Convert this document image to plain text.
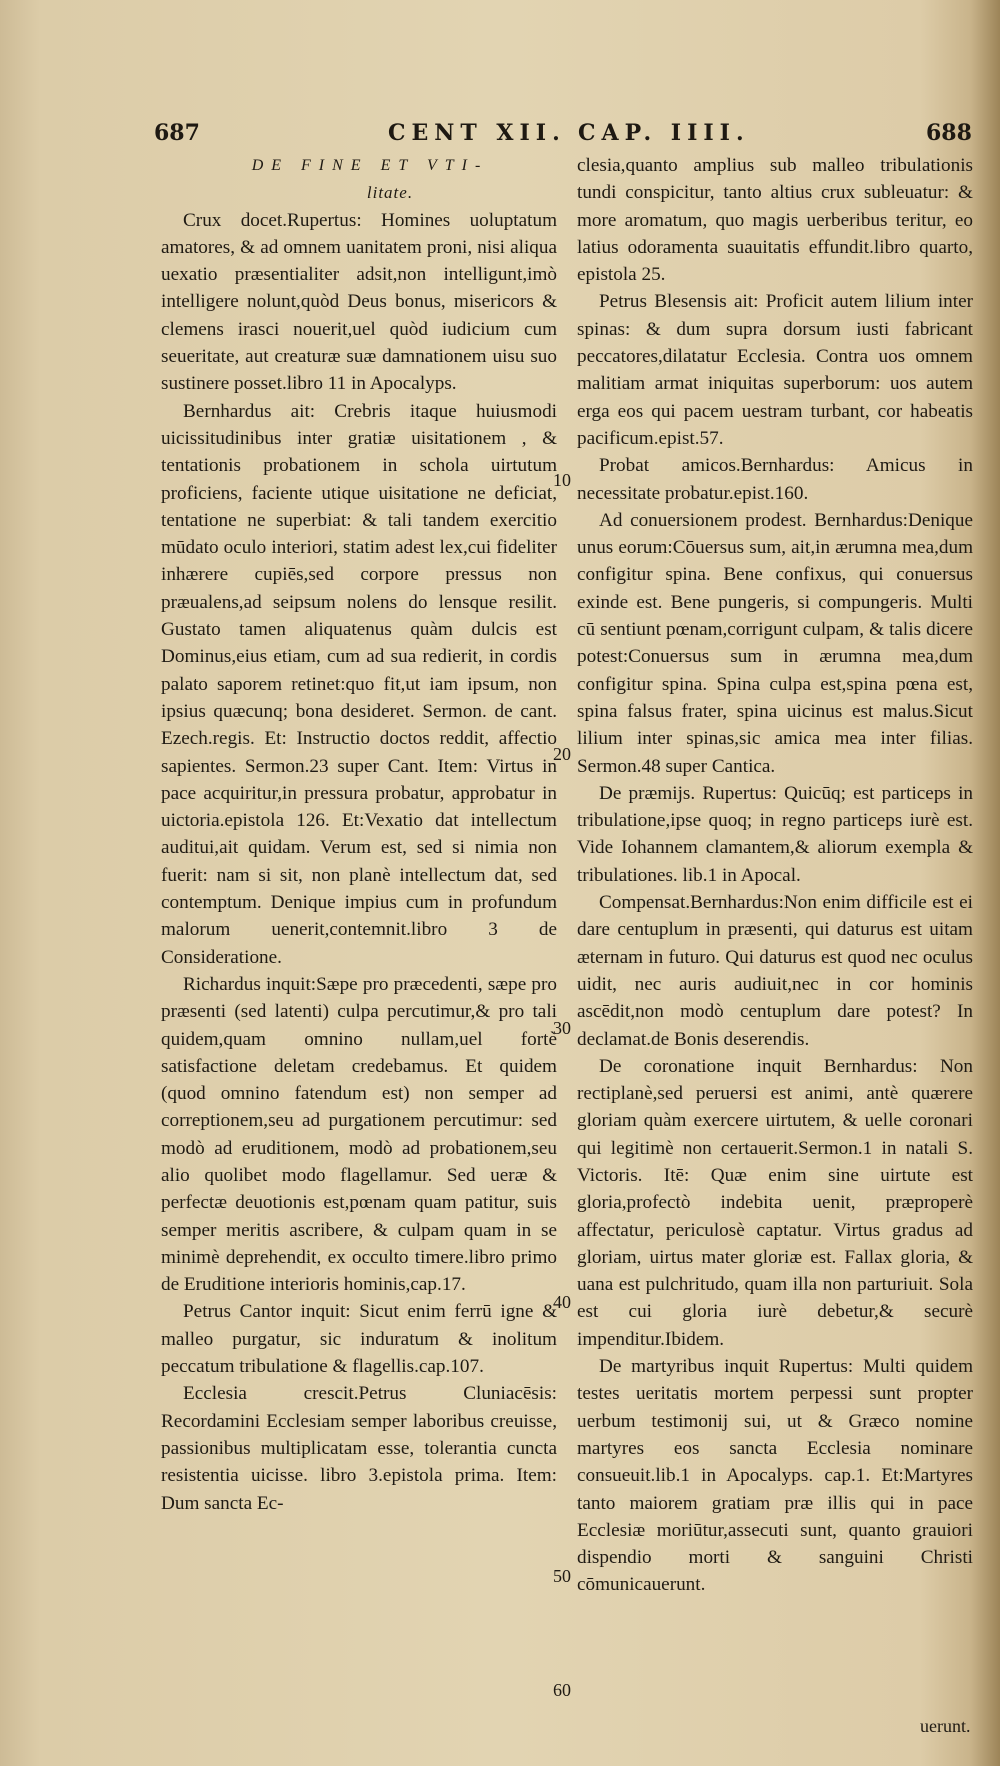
687	CENT XII. CAP. IIII.	688

DE FINE ET VTI-

litate.

Crux docet.Rupertus: Homines uoluptatum amatores, & ad omnem uanitatem proni, nisi aliqua uexatio præsentialiter adsit,non intelligunt,imò intelligere nolunt,quòd Deus bonus, misericors & clemens irasci nouerit,uel quòd iudicium cum seueritate, aut creaturæ suæ damnationem uisu suo sustinere posset.libro 11 in Apocalyps.

Bernhardus ait: Crebris itaque huiusmodi uicissitudinibus inter gratiæ uisitationem , & tentationis probationem in schola uirtutum proficiens, faciente utique uisitatione ne deficiat, tentatione ne superbiat: & tali tandem exercitio mūdato oculo interiori, statim adest lex,cui fideliter inhærere cupiēs,sed corpore pressus non præualens,ad seipsum nolens do lensque resilit. Gustato tamen aliquatenus quàm dulcis est Dominus,eius etiam, cum ad sua redierit, in cordis palato saporem retinet:quo fit,ut iam ipsum, non ipsius quæcunq; bona desideret. Sermon. de cant. Ezech.regis. Et: Instructio doctos reddit, affectio sapientes. Sermon.23 super Cant. Item: Virtus in pace acquiritur,in pressura probatur, approbatur in uictoria.epistola 126. Et:Vexatio dat intellectum auditui,ait quidam. Verum est, sed si nimia non fuerit: nam si sit, non planè intellectum dat, sed contemptum. Denique impius cum in profundum malorum uenerit,contemnit.libro 3 de Consideratione.

Richardus inquit:Sæpe pro præcedenti, sæpe pro præsenti (sed latenti) culpa percutimur,& pro tali quidem,quam omnino nullam,uel fortè satisfactione deletam credebamus. Et quidem (quod omnino fatendum est) non semper ad correptionem,seu ad purgationem percutimur: sed modò ad eruditionem, modò ad probationem,seu alio quolibet modo flagellamur. Sed ueræ & perfectæ deuotionis est,pœnam quam patitur, suis semper meritis ascribere, & culpam quam in se minimè deprehendit, ex occulto timere.libro primo de Eruditione interioris hominis,cap.17.

Petrus Cantor inquit: Sicut enim ferrū igne & malleo purgatur, sic induratum & inolitum peccatum tribulatione & flagellis.cap.107.

Ecclesia crescit.Petrus Cluniacēsis: Recordamini Ecclesiam semper laboribus creuisse, passionibus multiplicatam esse, tolerantia cuncta resistentia uicisse. libro 3.epistola prima. Item: Dum sancta Ec-

10
20
30
40
50
60

clesia,quanto amplius sub malleo tribulationis tundi conspicitur, tanto altius crux subleuatur: & more aromatum, quo magis uerberibus teritur, eo latius odoramenta suauitatis effundit.libro quarto, epistola 25.

Petrus Blesensis ait: Proficit autem lilium inter spinas: & dum supra dorsum iusti fabricant peccatores,dilatatur Ecclesia. Contra uos omnem malitiam armat iniquitas superborum: uos autem erga eos qui pacem uestram turbant, cor habeatis pacificum.epist.57.

Probat amicos.Bernhardus: Amicus in necessitate probatur.epist.160.

Ad conuersionem prodest. Bernhardus:Denique unus eorum:Cōuersus sum, ait,in ærumna mea,dum configitur spina. Bene confixus, qui conuersus exinde est. Bene pungeris, si compungeris. Multi cū sentiunt pœnam,corrigunt culpam, & talis dicere potest:Conuersus sum in ærumna mea,dum configitur spina. Spina culpa est,spina pœna est, spina falsus frater, spina uicinus est malus.Sicut lilium inter spinas,sic amica mea inter filias. Sermon.48 super Cantica.

De præmijs. Rupertus: Quicūq; est particeps in tribulatione,ipse quoq; in regno particeps iurè est. Vide Iohannem clamantem,& aliorum exempla & tribulationes. lib.1 in Apocal.

Compensat.Bernhardus:Non enim difficile est ei dare centuplum in præsenti, qui daturus est uitam æternam in futuro. Qui daturus est quod nec oculus uidit, nec auris audiuit,nec in cor hominis ascēdit,non modò centuplum dare potest? In declamat.de Bonis deserendis.

De coronatione inquit Bernhardus: Non rectiplanè,sed peruersi est animi, antè quærere gloriam quàm exercere uirtutem, & uelle coronari qui legitimè non certauerit.Sermon.1 in natali S. Victoris. Itē: Quæ enim sine uirtute est gloria,profectò indebita uenit, præproperè affectatur, periculosè captatur. Virtus gradus ad gloriam, uirtus mater gloriæ est. Fallax gloria, & uana est pulchritudo, quam illa non parturiuit. Sola est cui gloria iurè debetur,& securè impenditur.Ibidem.

De martyribus inquit Rupertus: Multi quidem testes ueritatis mortem perpessi sunt propter uerbum testimonij sui, ut & Græco nomine martyres eos sancta Ecclesia nominare consueuit.lib.1 in Apocalyps. cap.1. Et:Martyres tanto maiorem gratiam præ illis qui in pace Ecclesiæ moriūtur,assecuti sunt, quanto grauiori dispendio morti & sanguini Christi cōmunicauerunt.

uerunt.
